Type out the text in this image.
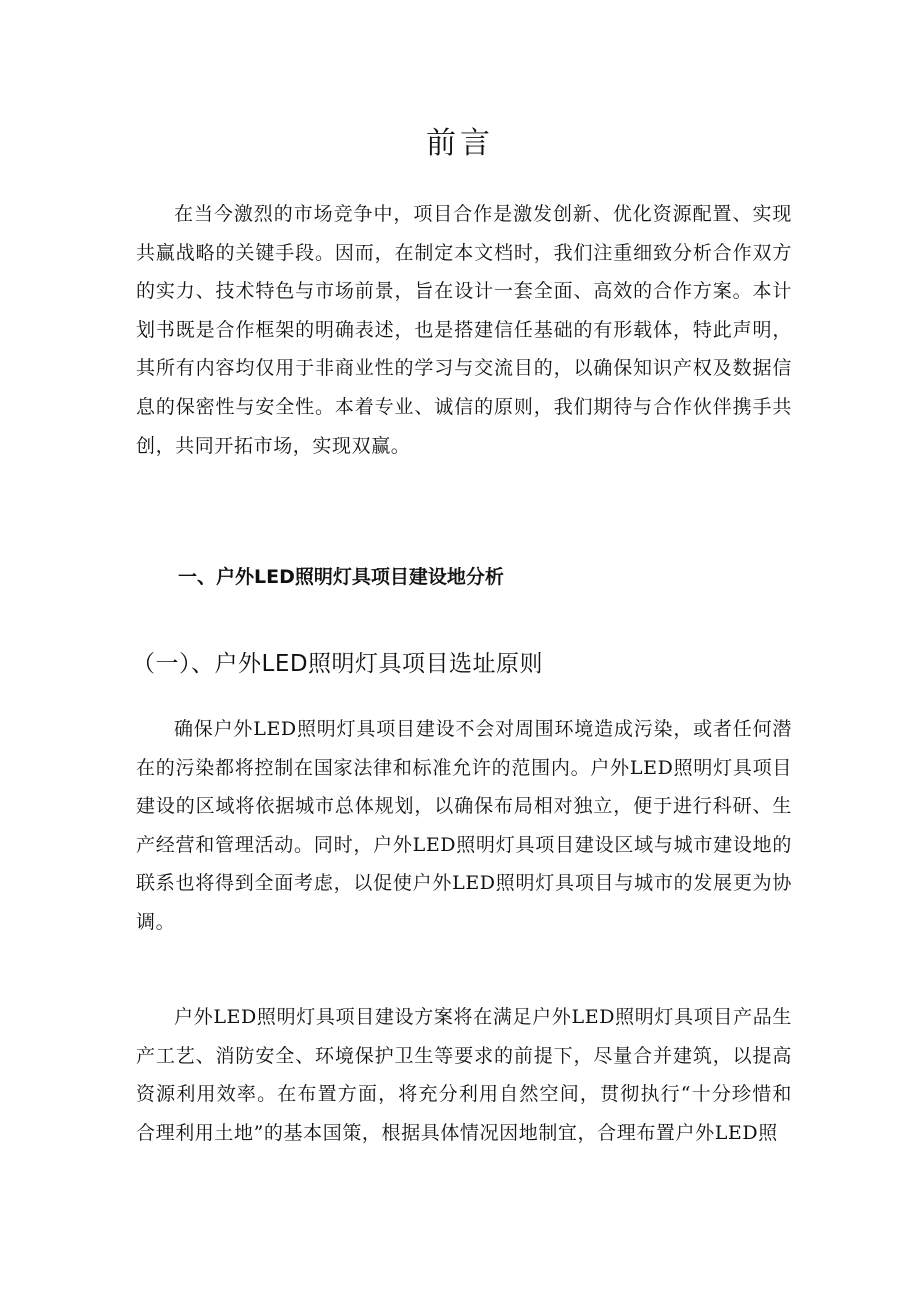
前言

在当今激烈的市场竞争中，项目合作是激发创新、优化资源配置、实现共赢战略的关键手段。因而，在制定本文档时，我们注重细致分析合作双方的实力、技术特色与市场前景，旨在设计一套全面、高效的合作方案。本计划书既是合作框架的明确表述，也是搭建信任基础的有形载体，特此声明，其所有内容均仅用于非商业性的学习与交流目的，以确保知识产权及数据信息的保密性与安全性。本着专业、诚信的原则，我们期待与合作伙伴携手共创，共同开拓市场，实现双赢。

一、户外LED照明灯具项目建设地分析
（一）、户外LED照明灯具项目选址原则

确保户外LED照明灯具项目建设不会对周围环境造成污染，或者任何潜在的污染都将控制在国家法律和标准允许的范围内。户外LED照明灯具项目建设的区域将依据城市总体规划，以确保布局相对独立，便于进行科研、生产经营和管理活动。同时，户外LED照明灯具项目建设区域与城市建设地的联系也将得到全面考虑，以促使户外LED照明灯具项目与城市的发展更为协调。

户外LED照明灯具项目建设方案将在满足户外LED照明灯具项目产品生产工艺、消防安全、环境保护卫生等要求的前提下，尽量合并建筑，以提高资源利用效率。在布置方面，将充分利用自然空间，贯彻执行“十分珍惜和合理利用土地”的基本国策，根据具体情况因地制宜，合理布置户外LED照
